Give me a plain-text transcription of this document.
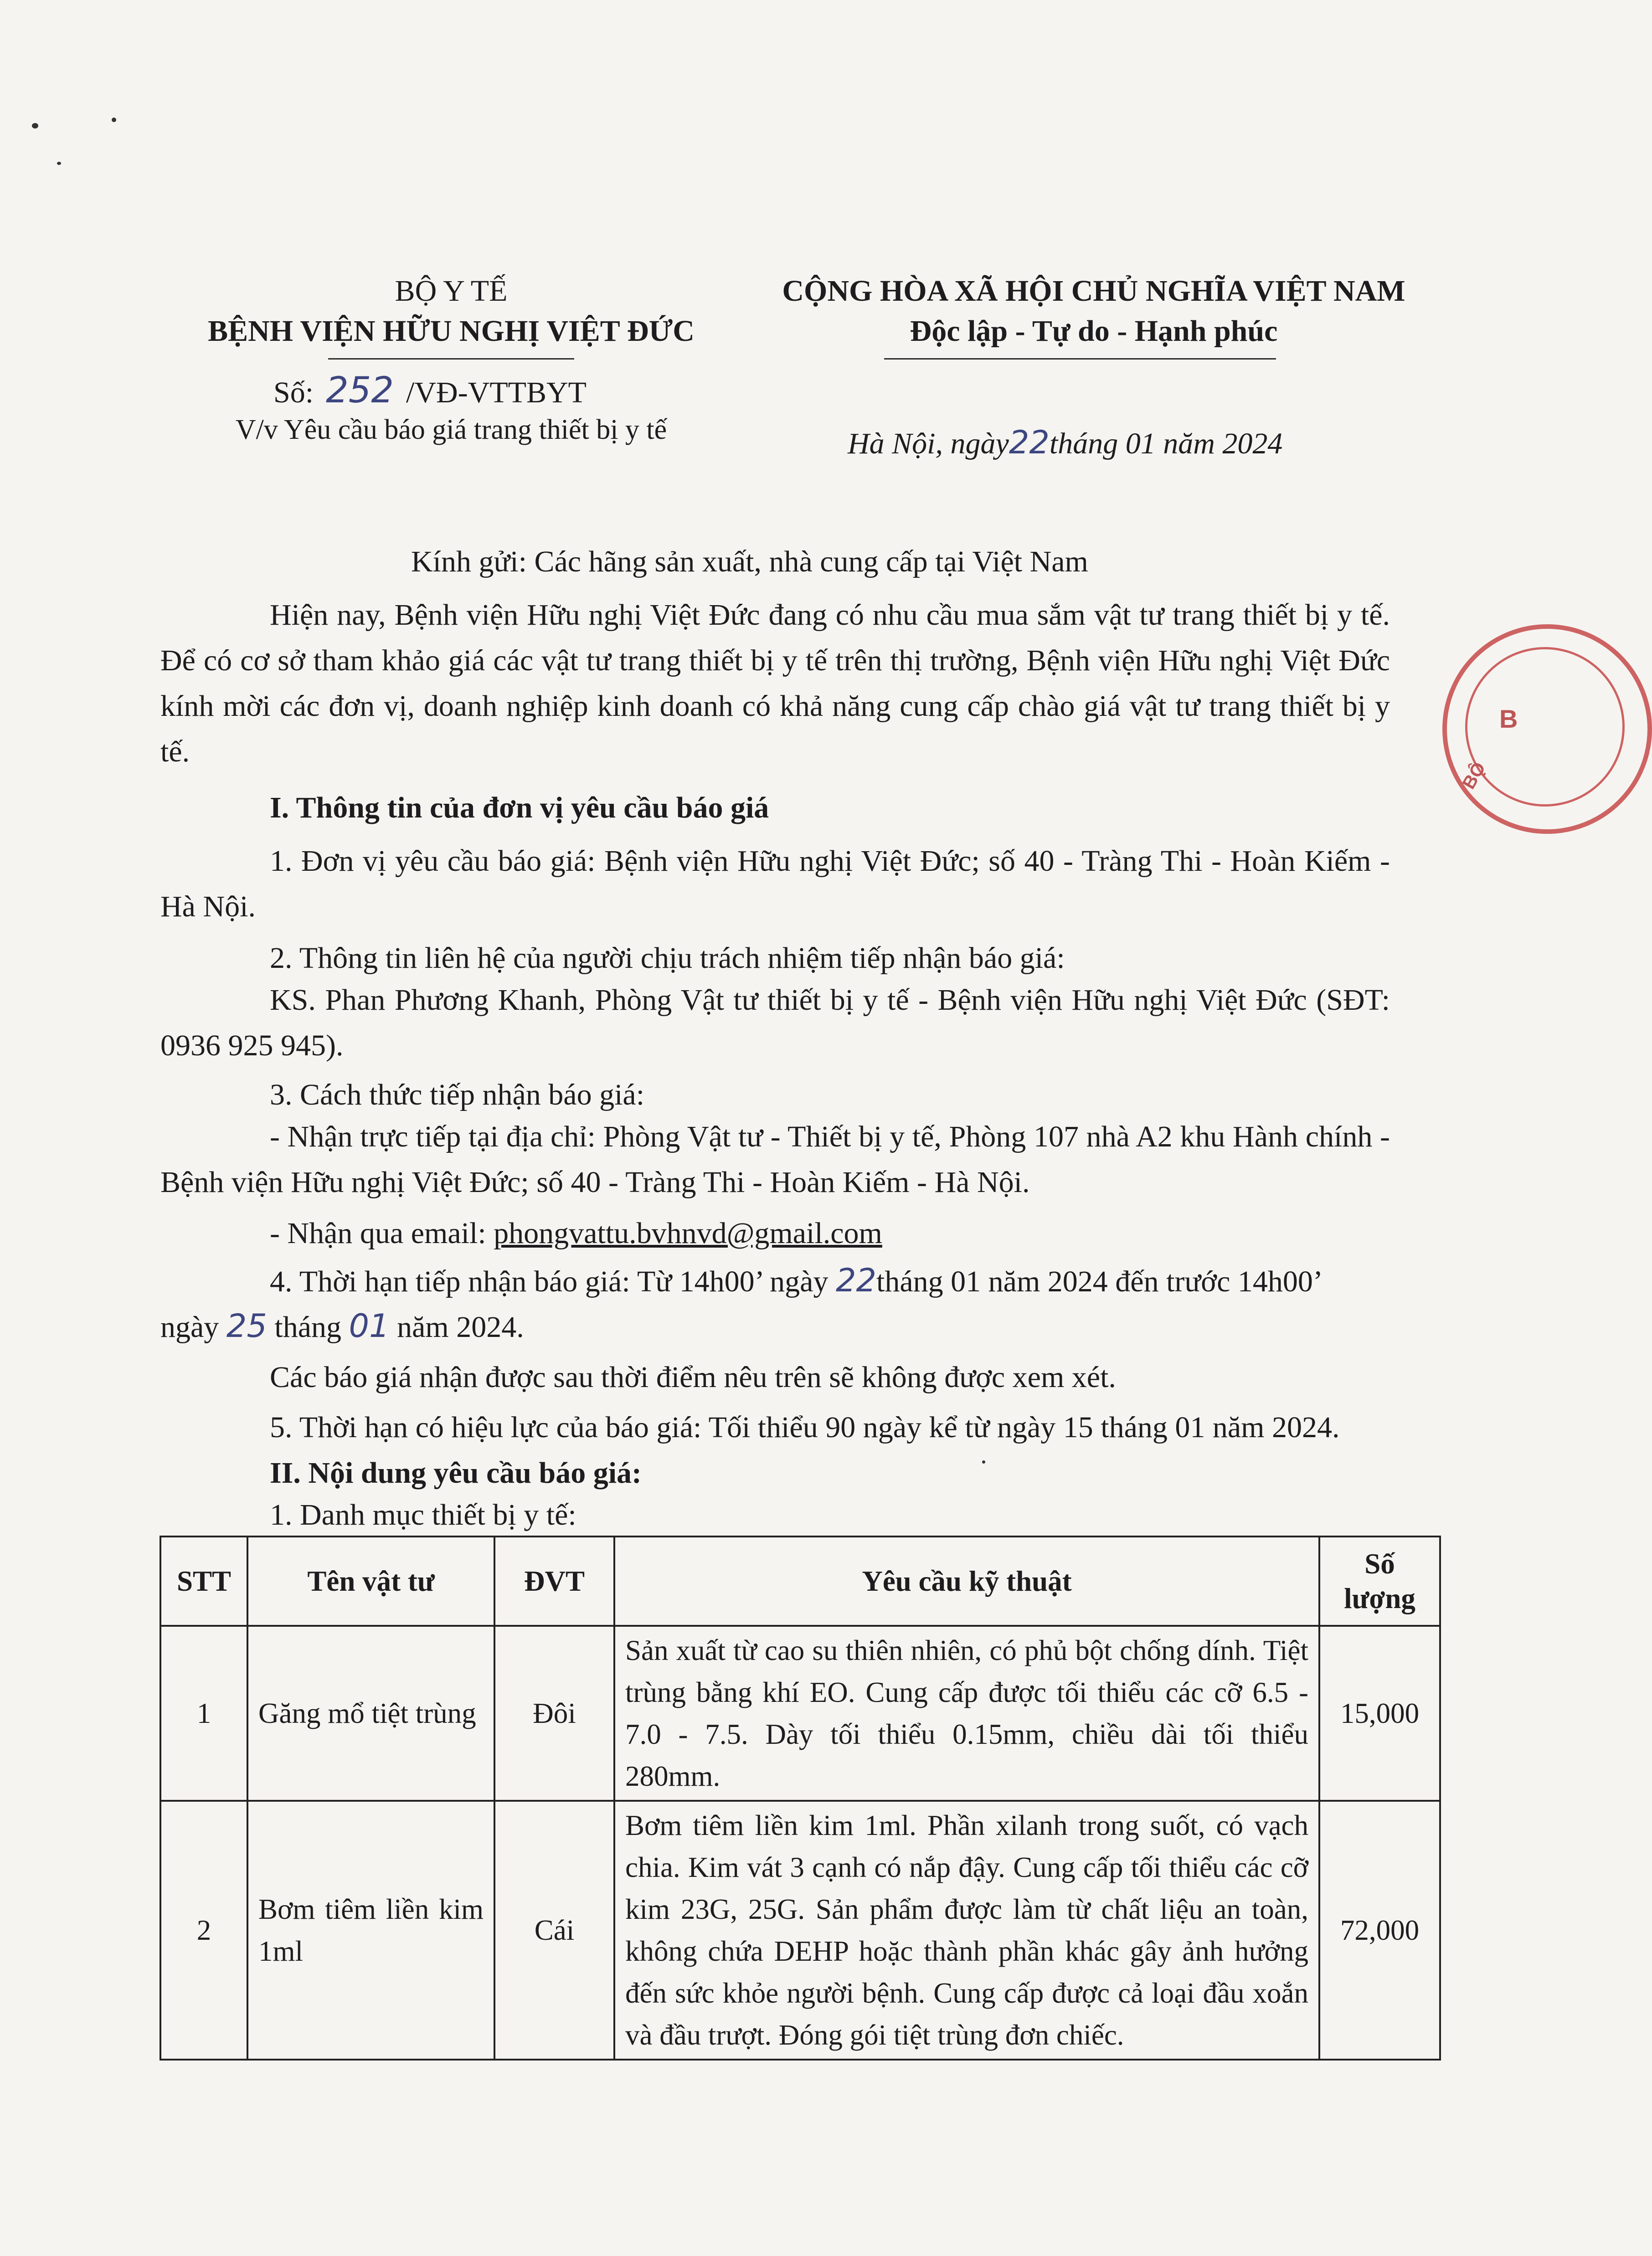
BỘ Y TẾ
BỆNH VIỆN HỮU NGHỊ VIỆT ĐỨC
Số: 252 /VĐ-VTTBYT
V/v Yêu cầu báo giá trang thiết bị y tế
CỘNG HÒA XÃ HỘI CHỦ NGHĨA VIỆT NAM
Độc lập - Tự do - Hạnh phúc
Hà Nội, ngày22tháng 01 năm 2024
Kính gửi: Các hãng sản xuất, nhà cung cấp tại Việt Nam
Hiện nay, Bệnh viện Hữu nghị Việt Đức đang có nhu cầu mua sắm vật tư trang thiết bị y tế. Để có cơ sở tham khảo giá các vật tư trang thiết bị y tế trên thị trường, Bệnh viện Hữu nghị Việt Đức kính mời các đơn vị, doanh nghiệp kinh doanh có khả năng cung cấp chào giá vật tư trang thiết bị y tế.
I. Thông tin của đơn vị yêu cầu báo giá
1. Đơn vị yêu cầu báo giá: Bệnh viện Hữu nghị Việt Đức; số 40 - Tràng Thi - Hoàn Kiếm - Hà Nội.
2. Thông tin liên hệ của người chịu trách nhiệm tiếp nhận báo giá:
KS. Phan Phương Khanh, Phòng Vật tư thiết bị y tế - Bệnh viện Hữu nghị Việt Đức (SĐT: 0936 925 945).
3. Cách thức tiếp nhận báo giá:
- Nhận trực tiếp tại địa chỉ: Phòng Vật tư - Thiết bị y tế, Phòng 107 nhà A2 khu Hành chính - Bệnh viện Hữu nghị Việt Đức; số 40 - Tràng Thi - Hoàn Kiếm - Hà Nội.
- Nhận qua email: phongvattu.bvhnvd@gmail.com
4. Thời hạn tiếp nhận báo giá: Từ 14h00’ ngày 22tháng 01 năm 2024 đến trước 14h00’
ngày 25 tháng 01 năm 2024.
Các báo giá nhận được sau thời điểm nêu trên sẽ không được xem xét.
5. Thời hạn có hiệu lực của báo giá: Tối thiểu 90 ngày kể từ ngày 15 tháng 01 năm 2024.
II. Nội dung yêu cầu báo giá:
1. Danh mục thiết bị y tế:
STT	Tên vật tư	ĐVT	Yêu cầu kỹ thuật	Số
lượng
1	Găng mổ tiệt trùng	Đôi	Sản xuất từ cao su thiên nhiên, có phủ bột chống dính. Tiệt trùng bằng khí EO. Cung cấp được tối thiểu các cỡ 6.5 - 7.0 - 7.5. Dày tối thiểu 0.15mm, chiều dài tối thiểu 280mm.	15,000
2	Bơm tiêm liền kim 1ml	Cái	Bơm tiêm liền kim 1ml. Phần xilanh trong suốt, có vạch chia. Kim vát 3 cạnh có nắp đậy. Cung cấp tối thiểu các cỡ kim 23G, 25G. Sản phẩm được làm từ chất liệu an toàn, không chứa DEHP hoặc thành phần khác gây ảnh hưởng đến sức khỏe người bệnh. Cung cấp được cả loại đầu xoắn và đầu trượt. Đóng gói tiệt trùng đơn chiếc.	72,000
B
BỘ
